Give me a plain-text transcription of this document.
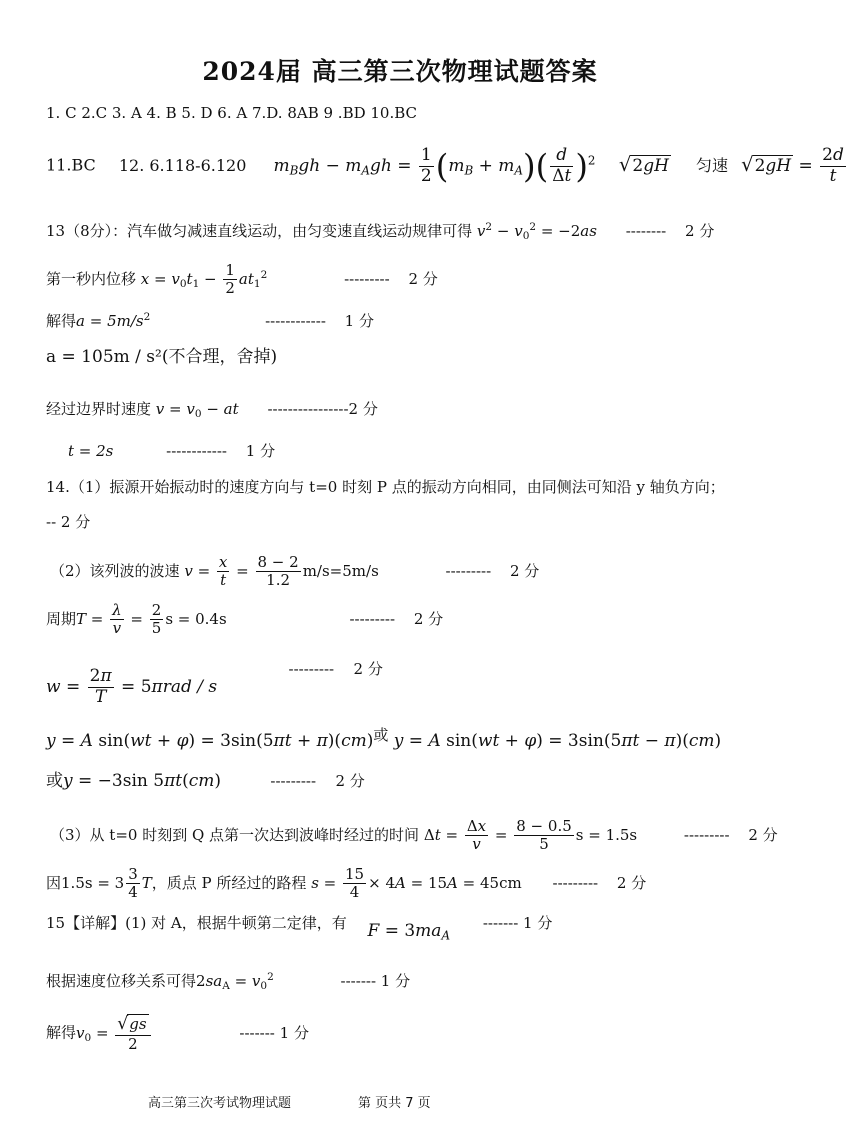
2024届 高三第三次物理试题答案
1. C 2.C 3. A 4. B 5. D 6. A 7.D. 8AB 9 .BD 10.BC
11.BC 12. 6.118-6.120 $m_Bgh - m_Agh = \frac{1}{2} (m_B + m_A)( \frac{d}{\Delta t} )^2$ √2gH 匀速 $√2gH = \frac{2d}{t}$
13（8分）：汽车做匀减速直线运动，由匀变速直线运动规律可得 $v^2 - v_0^2 = -2as$ -------- 2 分
第一秒内位移 $x = v_0t_1 - \frac{1}{2} at_1^2$	--------- 2 分
解得$a = 5m/s^2$	------------ 1 分
a = 105m / s²(不合理，舍掉)
经过边界时速度 $v = v_0$ − at ----------------2 分
t = 2s	------------ 1 分
14.（1）振源开始振动时的速度方向与 t=0 时刻 P 点的振动方向相同，由同侧法可知沿 y 轴负方向；
-- 2 分
（2）该列波的波速 $v = \frac{x}{t} = \frac{8 - 2}{1.2} m/s=5m/s$	--------- 2 分
周期$T = \frac{\lambda}{v} = \frac{2}{5}$ s = 0.4s	--------- 2 分
$w = \frac{2\pi}{T} = 5\pi rad / s$ --------- 2 分
y = A sin(wt + φ) = 3sin(5πt + π)(cm)或 y = A sin(wt + φ) = 3sin(5πt − π)(cm)
或y = −3sin 5πt(cm)	--------- 2 分
（3）从 t=0 时刻到 Q 点第一次达到波峰时经过的时间 $\Delta t = \frac{\Delta x}{v} = \frac{8 - 0.5}{5}$ s = 1.5s	--------- 2 分
因$1.5s = 3 \frac{3}{4}$ T，质点 P 所经过的路程 $s = \frac{15}{4} \times 4A = 15A = 45cm$ --------- 2 分
15【详解】(1) 对 A，根据牛顿第二定律，有 $F = 3ma_A$ ------- 1 分
根据速度位移关系可得$2sa_A = v_0^2$	------- 1 分
解得$v_0 = \frac{√gs}{2}$	------- 1 分
高三第三次考试物理试题	第 页共 7 页
